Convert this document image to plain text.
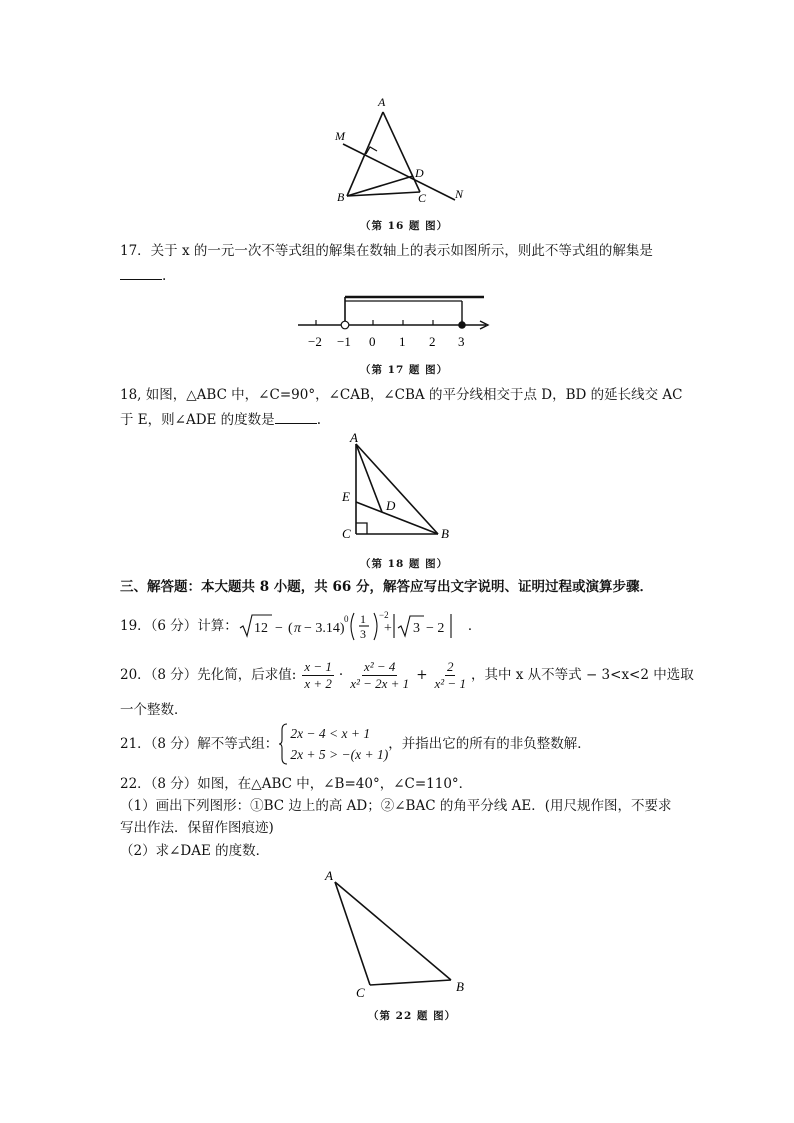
A
M
D
B	C N
（第 16 题 图）
17．关于 x 的一元一次不等式组的解集在数轴上的表示如图所示，则此不等式组的解集是
.
−2 −1 0 1 2 3
（第 17 题 图）
18, 如图，△ABC 中，∠C=90°，∠CAB，∠CBA 的平分线相交于点 D，BD 的延长线交 AC
于 E，则∠ADE 的度数是	.
A
E
D
C	B
（第 18 题 图）
三、解答题：本大题共 8 小题，共 66 分，解答应写出文字说明、证明过程或演算步骤．
19．（6 分）计算： 12 − ( π − 3.14)
0 1
3
−2
+ 3 − 2 ．
20．（8 分）先化简，后求值: $\frac{x - 1}{x + 2} \cdot \frac{\text{x² − 4}}{\text{x² − 2x + 1}} + \frac{2}{\text{x² − 1}}$ ，其中 x 从不等式 − 3<x<2 中选取
一个整数．
21．（8 分）解不等式组：
2x − 4 < x + 1
2x + 5 > −(x + 1)
，并指出它的所有的非负整数解．
22．（8 分）如图，在△ABC 中，∠B=40°，∠C=110°．
（1）画出下列图形：①BC 边上的高 AD；②∠BAC 的角平分线 AE．(用尺规作图，不要求
写出作法．保留作图痕迹)
（2）求∠DAE 的度数．
A
C	B
（第 22 题 图）
